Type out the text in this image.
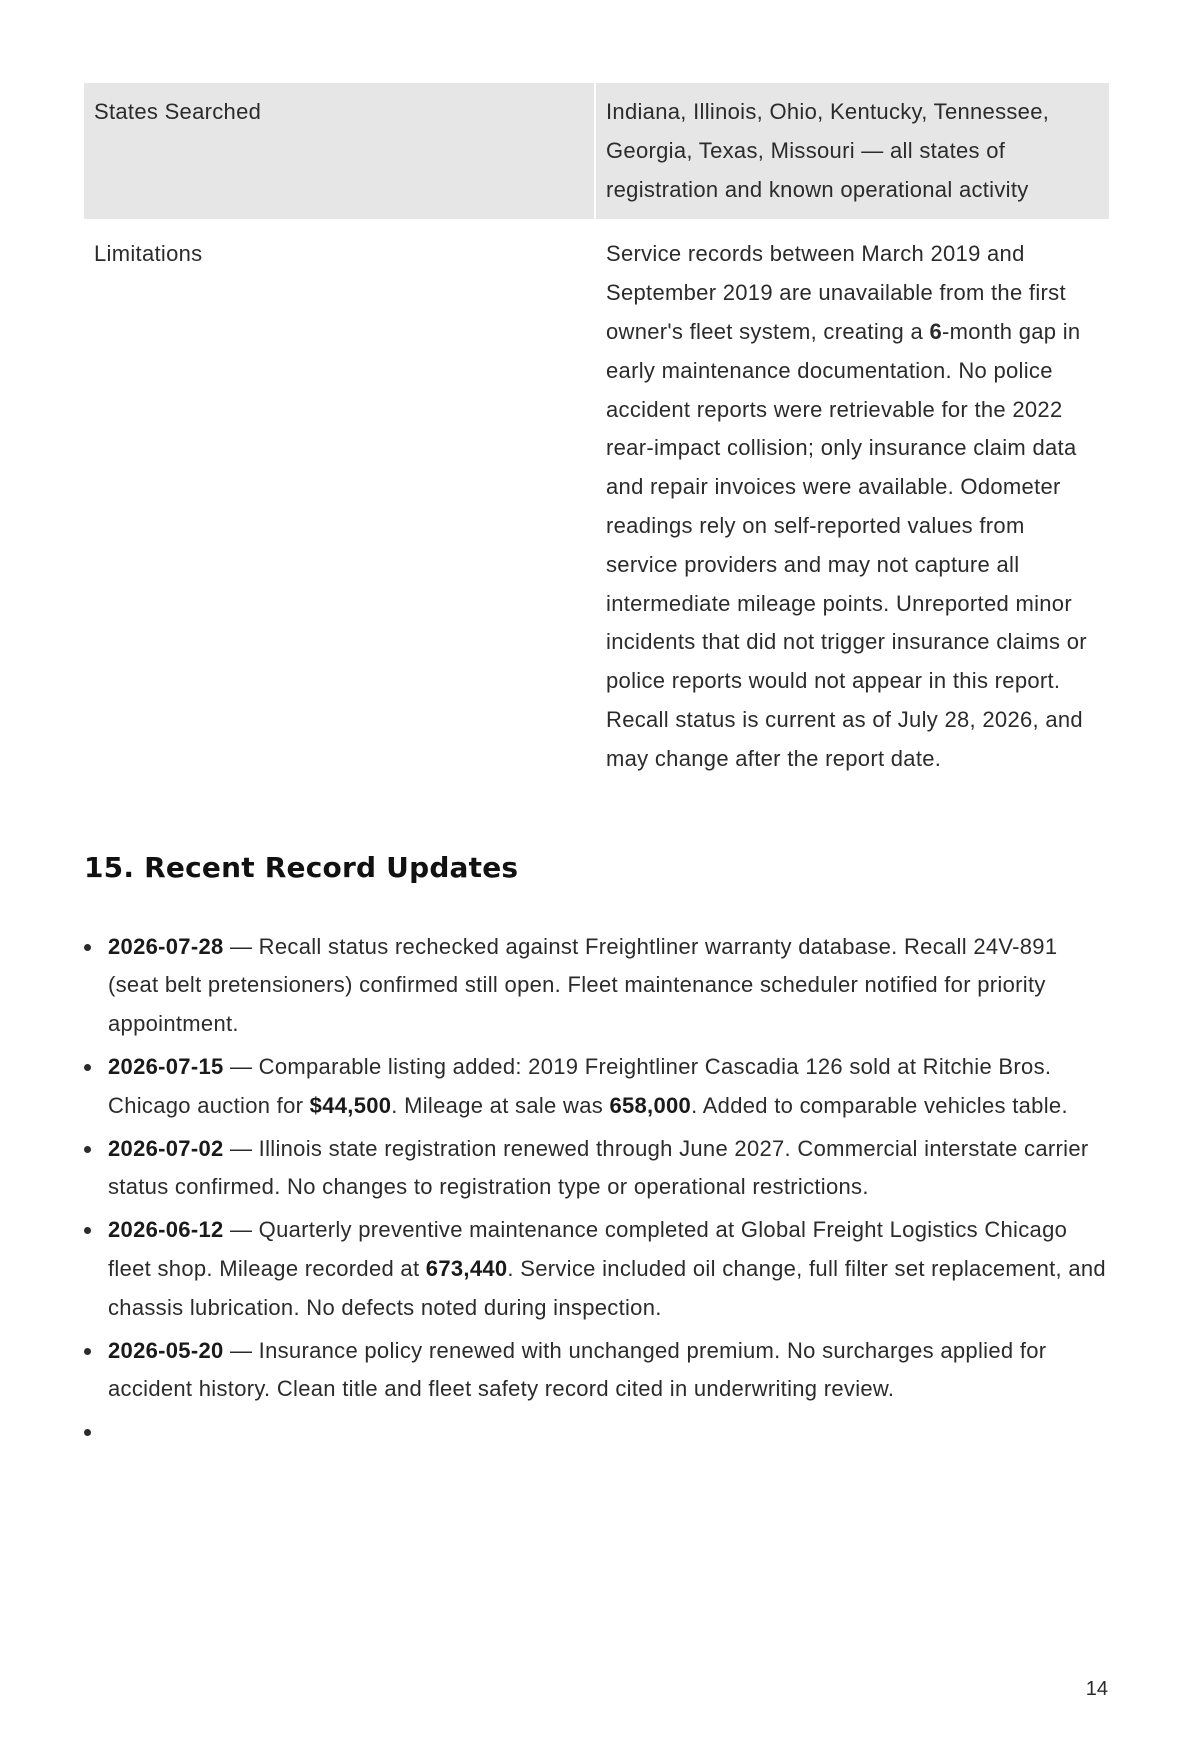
States Searched	Indiana, Illinois, Ohio, Kentucky, Tennessee, Georgia, Texas, Missouri — all states of registration and known operational activity
Limitations	Service records between March 2019 and September 2019 are unavailable from the first owner's fleet system, creating a 6-month gap in early maintenance documentation. No police accident reports were retrievable for the 2022 rear-impact collision; only insurance claim data and repair invoices were available. Odometer readings rely on self-reported values from service providers and may not capture all intermediate mileage points. Unreported minor incidents that did not trigger insurance claims or police reports would not appear in this report. Recall status is current as of July 28, 2026, and may change after the report date.
15. Recent Record Updates
2026-07-28 — Recall status rechecked against Freightliner warranty database. Recall 24V-891 (seat belt pretensioners) confirmed still open. Fleet maintenance scheduler notified for priority appointment.
2026-07-15 — Comparable listing added: 2019 Freightliner Cascadia 126 sold at Ritchie Bros. Chicago auction for $44,500. Mileage at sale was 658,000. Added to comparable vehicles table.
2026-07-02 — Illinois state registration renewed through June 2027. Commercial interstate carrier status confirmed. No changes to registration type or operational restrictions.
2026-06-12 — Quarterly preventive maintenance completed at Global Freight Logistics Chicago fleet shop. Mileage recorded at 673,440. Service included oil change, full filter set replacement, and chassis lubrication. No defects noted during inspection.
2026-05-20 — Insurance policy renewed with unchanged premium. No surcharges applied for accident history. Clean title and fleet safety record cited in underwriting review.
14
